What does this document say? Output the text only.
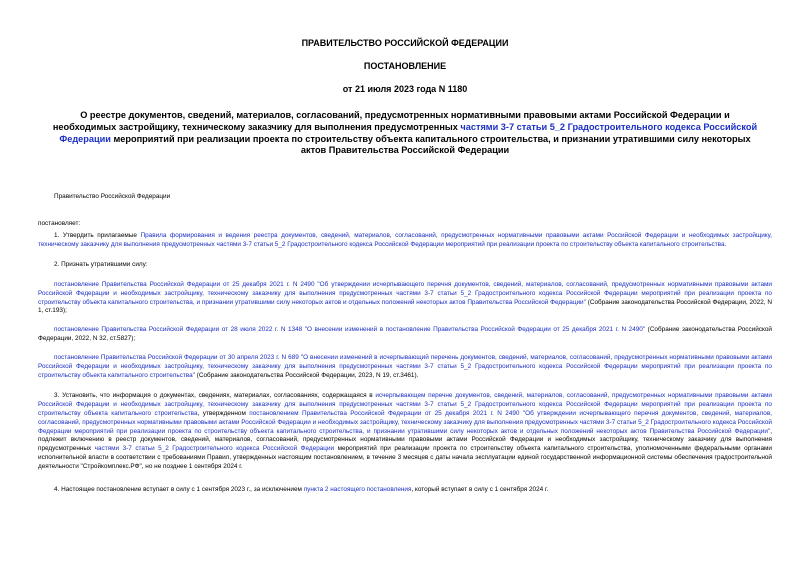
ПРАВИТЕЛЬСТВО РОССИЙСКОЙ ФЕДЕРАЦИИ
ПОСТАНОВЛЕНИЕ
от 21 июля 2023 года N 1180
О реестре документов, сведений, материалов, согласований, предусмотренных нормативными правовыми актами Российской Федерации и необходимых застройщику, техническому заказчику для выполнения предусмотренных частями 3-7 статьи 5_2 Градостроительного кодекса Российской Федерации мероприятий при реализации проекта по строительству объекта капитального строительства, и признании утратившими силу некоторых актов Правительства Российской Федерации

Правительство Российской Федерации

постановляет:

1. Утвердить прилагаемые Правила формирования и ведения реестра документов, сведений, материалов, согласований, предусмотренных нормативными правовыми актами Российской Федерации и необходимых застройщику, техническому заказчику для выполнения предусмотренных частями 3-7 статьи 5_2 Градостроительного кодекса Российской Федерации мероприятий при реализации проекта по строительству объекта капитального строительства.

2. Признать утратившими силу:

постановление Правительства Российской Федерации от 25 декабря 2021 г. N 2490 "Об утверждении исчерпывающего перечня документов, сведений, материалов, согласований, предусмотренных нормативными правовыми актами Российской Федерации и необходимых застройщику, техническому заказчику для выполнения предусмотренных частями 3-7 статьи 5_2 Градостроительного кодекса Российской Федерации мероприятий при реализации проекта по строительству объекта капитального строительства, и признании утратившими силу некоторых актов и отдельных положений некоторых актов Правительства Российской Федерации" (Собрание законодательства Российской Федерации, 2022, N 1, ст.193);

постановление Правительства Российской Федерации от 28 июля 2022 г. N 1348 "О внесении изменений в постановление Правительства Российской Федерации от 25 декабря 2021 г. N 2490" (Собрание законодательства Российской Федерации, 2022, N 32, ст.5827);

постановление Правительства Российской Федерации от 30 апреля 2023 г. N 689 "О внесении изменений в исчерпывающий перечень документов, сведений, материалов, согласований, предусмотренных нормативными правовыми актами Российской Федерации и необходимых застройщику, техническому заказчику для выполнения предусмотренных частями 3-7 статьи 5_2 Градостроительного кодекса Российской Федерации мероприятий при реализации проекта по строительству объекта капитального строительства" (Собрание законодательства Российской Федерации, 2023, N 19, ст.3461).

3. Установить, что информация о документах, сведениях, материалах, согласованиях, содержащаяся в исчерпывающем перечне документов, сведений, материалов, согласований, предусмотренных нормативными правовыми актами Российской Федерации и необходимых застройщику, техническому заказчику для выполнения предусмотренных частями 3-7 статьи 5_2 Градостроительного кодекса Российской Федерации мероприятий при реализации проекта по строительству объекта капитального строительства, утвержденном постановлением Правительства Российской Федерации от 25 декабря 2021 г. N 2490 "Об утверждении исчерпывающего перечня документов, сведений, материалов, согласований, предусмотренных нормативными правовыми актами Российской Федерации и необходимых застройщику, техническому заказчику для выполнения предусмотренных частями 3-7 статьи 5_2 Градостроительного кодекса Российской Федерации мероприятий при реализации проекта по строительству объекта капитального строительства, и признании утратившими силу некоторых актов и отдельных положений некоторых актов Правительства Российской Федерации", подлежит включению в реестр документов, сведений, материалов, согласований, предусмотренных нормативными правовыми актами Российской Федерации и необходимых застройщику, техническому заказчику для выполнения предусмотренных частями 3-7 статьи 5_2 Градостроительного кодекса Российской Федерации мероприятий при реализации проекта по строительству объекта капитального строительства, уполномоченными федеральными органами исполнительной власти в соответствии с требованиями Правил, утвержденных настоящим постановлением, в течение 3 месяцев с даты начала эксплуатации единой государственной информационной системы обеспечения градостроительной деятельности "Стройкомплекс.РФ", но не позднее 1 сентября 2024 г.

4. Настоящее постановление вступает в силу с 1 сентября 2023 г., за исключением пункта 2 настоящего постановления, который вступает в силу с 1 сентября 2024 г.
